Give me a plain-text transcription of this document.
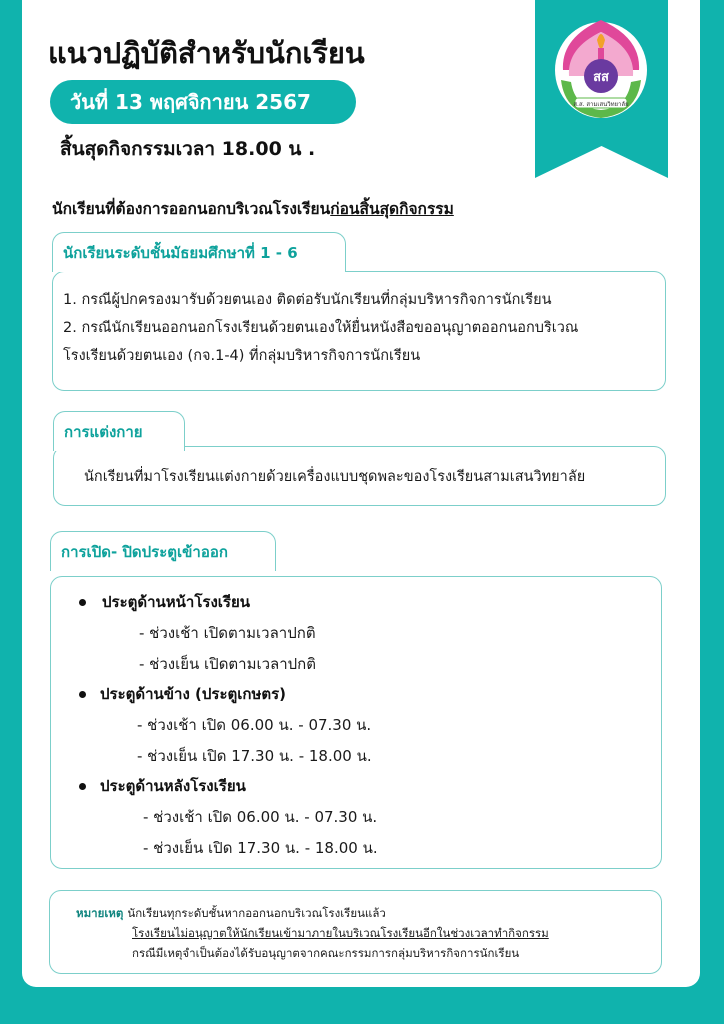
สส
ส.ส. สามเสนวิทยาลัย
แนวปฏิบัติสำหรับนักเรียน
วันที่ 13 พฤศจิกายน 2567
สิ้นสุดกิจกรรมเวลา 18.00 น .
นักเรียนที่ต้องการออกนอกบริเวณโรงเรียนก่อนสิ้นสุดกิจกรรม
นักเรียนระดับชั้นมัธยมศึกษาที่ 1 - 6

1. กรณีผู้ปกครองมารับด้วยตนเอง ติดต่อรับนักเรียนที่กลุ่มบริหารกิจการนักเรียน

2. กรณีนักเรียนออกนอกโรงเรียนด้วยตนเองให้ยื่นหนังสือขออนุญาตออกนอกบริเวณ

โรงเรียนด้วยตนเอง (กจ.1-4) ที่กลุ่มบริหารกิจการนักเรียน

การแต่งกาย

นักเรียนที่มาโรงเรียนแต่งกายด้วยเครื่องแบบชุดพละของโรงเรียนสามเสนวิทยาลัย

การเปิด- ปิดประตูเข้าออก
ประตูด้านหน้าโรงเรียน
- ช่วงเช้า เปิดตามเวลาปกติ
- ช่วงเย็น เปิดตามเวลาปกติ
ประตูด้านข้าง (ประตูเกษตร)
- ช่วงเช้า เปิด 06.00 น. - 07.30 น.
- ช่วงเย็น เปิด 17.30 น. - 18.00 น.
ประตูด้านหลังโรงเรียน
- ช่วงเช้า เปิด 06.00 น. - 07.30 น.
- ช่วงเย็น เปิด 17.30 น. - 18.00 น.

หมายเหตุ นักเรียนทุกระดับชั้นหากออกนอกบริเวณโรงเรียนแล้ว

โรงเรียนไม่อนุญาตให้นักเรียนเข้ามาภายในบริเวณโรงเรียนอีกในช่วงเวลาทำกิจกรรม

กรณีมีเหตุจำเป็นต้องได้รับอนุญาตจากคณะกรรมการกลุ่มบริหารกิจการนักเรียน
